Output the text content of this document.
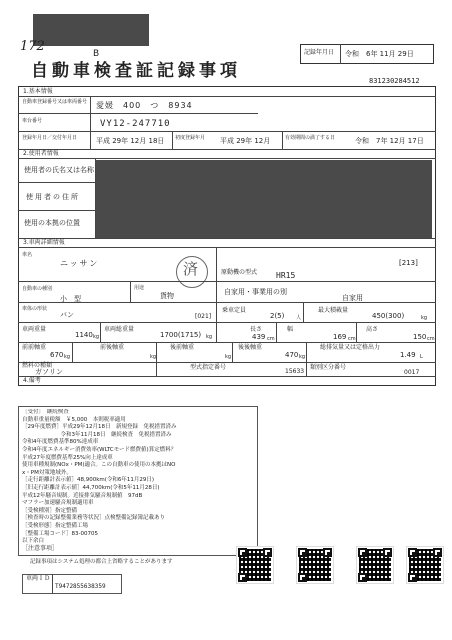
172	B
自動車検査証記録事項
記録年月日 令和　6年 11月 29日
831230284512
1.基本情報
自動車登録番号又は車両番号 愛媛　400　つ　8934
車台番号	VY12-247710
登録年月日／交付年月日	平成 29年 12月 18日 初度登録年月 平成 29年 12月	有効期間の満了する日	令和　7年 12月 17日
2.使用者情報
使用者の氏名又は名称
使用者の住所
使用の本拠の位置
3.車両詳細情報
車名
ニッサン	済	原動機の型式 HR15
[213]
自動車の種別
小　型
用途
貨物	自家用・事業用の別
自家用
車体の形状
バン	[021]
乗車定員
2(5) 人
最大積載量
450(300)	kg
車両重量
1140 kg
車両総重量
1700(1715) kg
長さ
439 cm
幅
169 cm
高さ
150 cm
前前軸重
670 kg
前後軸重
kg
後前軸重
kg
後後軸重
470 kg
総排気量又は定格出力
1.49 L
燃料の種類
ガソリン
型式指定番号
15633
類別区分番号
0017
4.備考
［受付］　継続検査
自動車重量税額　￥5,000　本則税率適用
［29年度燃費］平成29年12月18日　新規登録　免税措置済み
　　　　　　　令和3年11月18日　継続検査　免税措置済み
令和4年度燃費基準80%達成車
令和4年度エネルギー消費効率(WLTCモード燃費値)算定燃料？
平成27年度燃費基準25%向上達成車
使用車種規制(NOx・PM)適合。この自動車の使用の本拠はNO
x・PM対策地域外。
［走行距離計表示値］48,900km(令和6年11月29日)
［旧走行距離計表示値］44,700km(令和5年11月28日)
平成12年騒音規制。近接排気騒音規制値　97dB
マフラー加速騒音規制適用車
［受検種別］指定整備
［検査時の記録整備業務等状況］点検整備記録簿記載あり
［受検形態］指定整備工場
［整備工場コード］83-00705
以下余白
［注意事項］
記録事項はシステム処理の都合上省略することがあります
車両ＩＤ
T9472855638359
